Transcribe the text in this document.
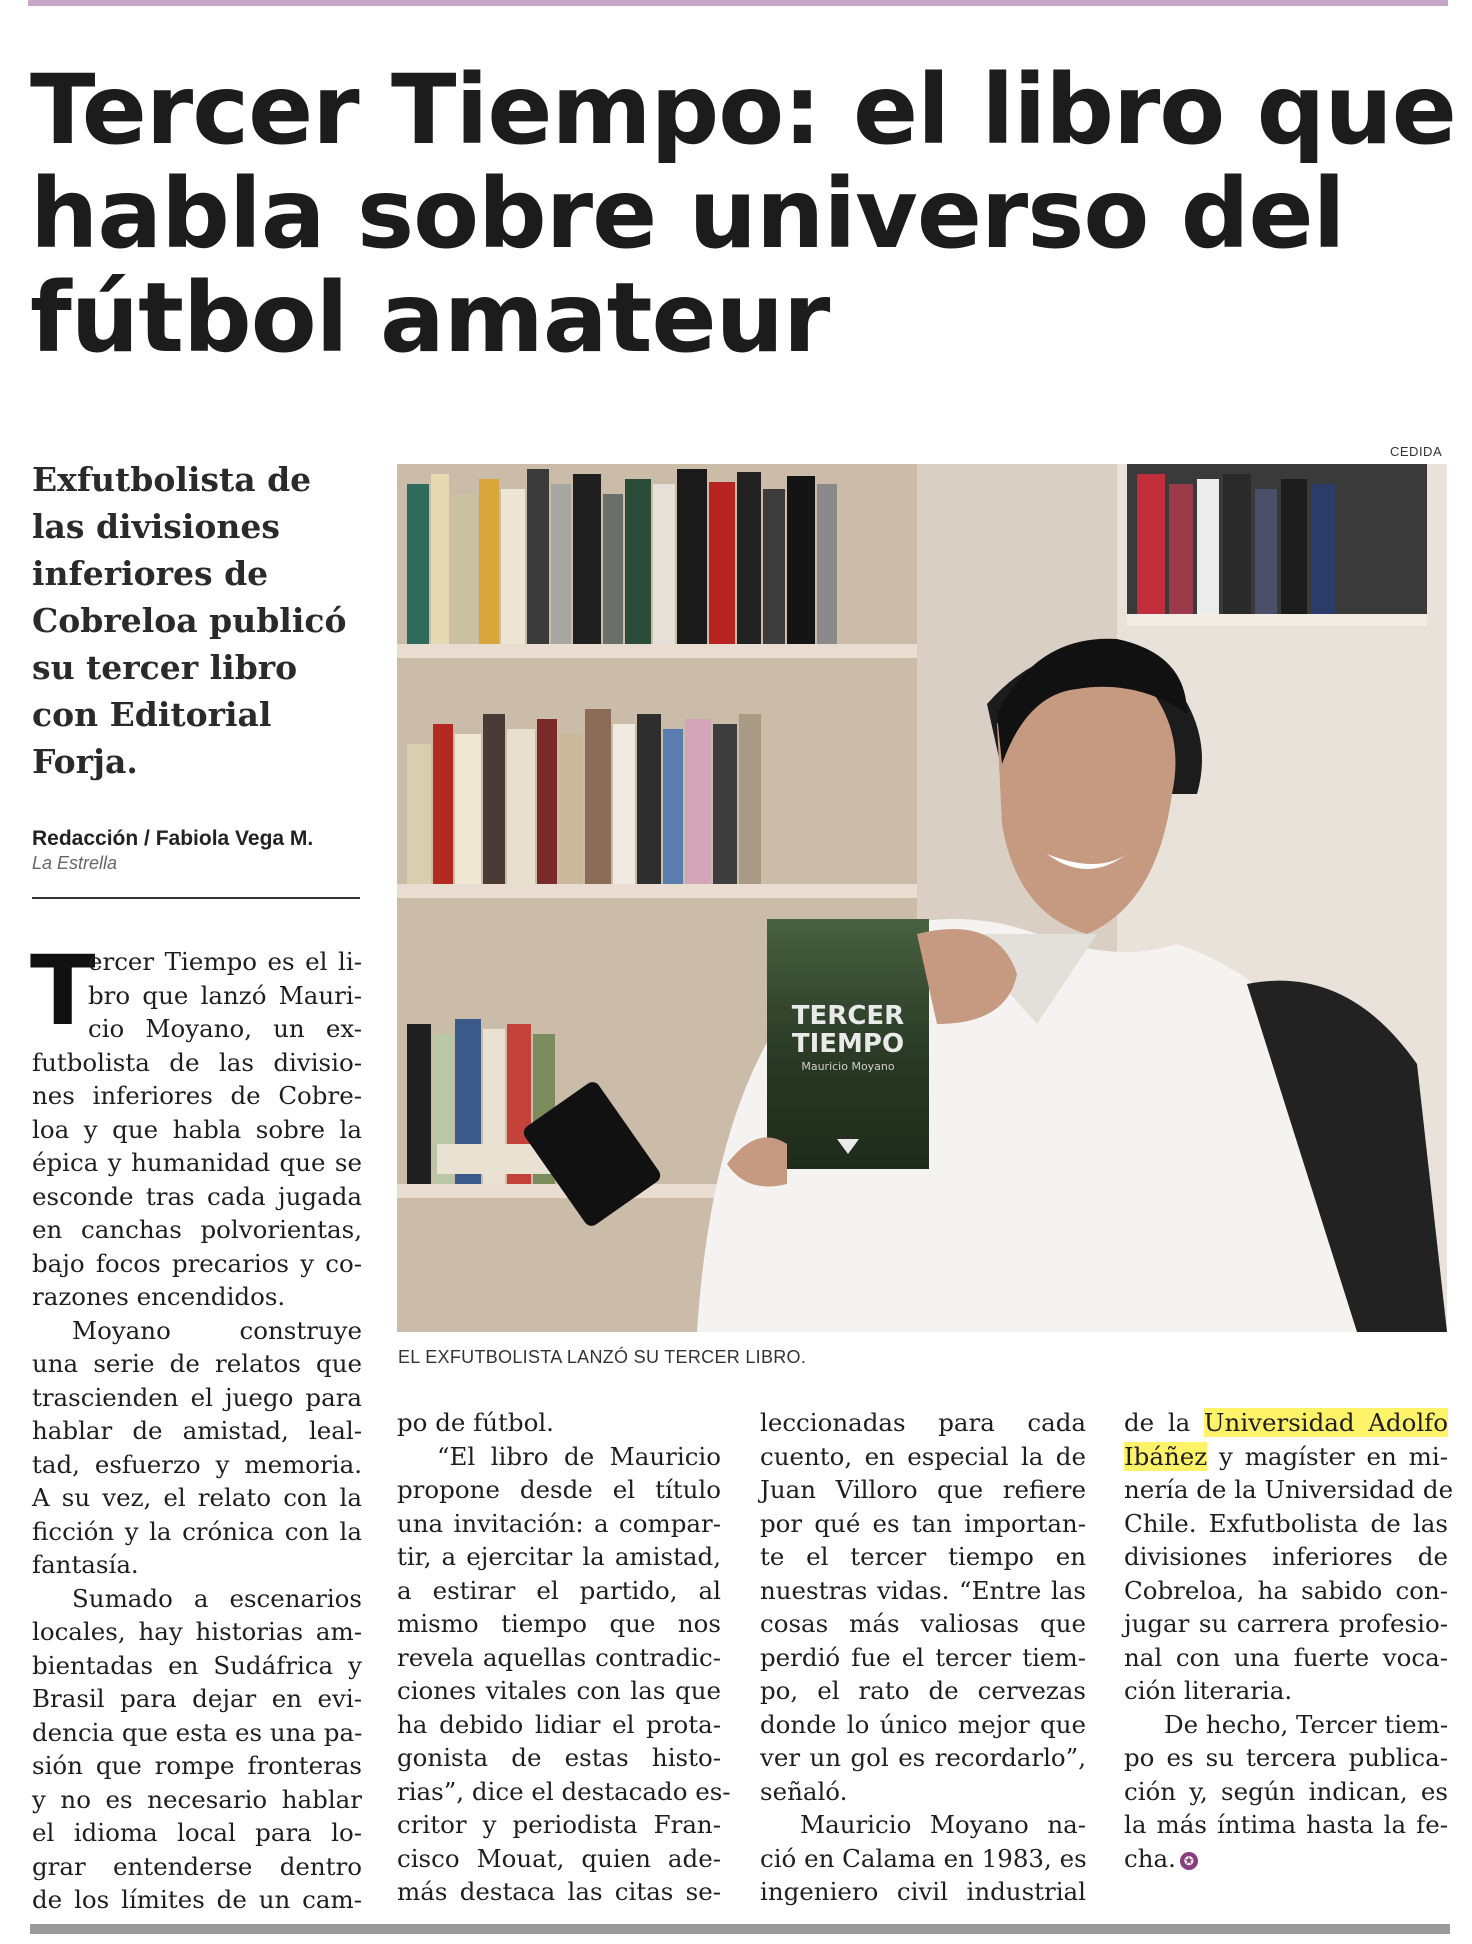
Tercer Tiempo: el libro que
habla sobre universo del
fútbol amateur
Exfutbolista de
las divisiones
inferiores de
Cobreloa publicó
su tercer libro
con Editorial
Forja.
Redacción / Fabiola Vega M.
La Estrella
CEDIDA
TERCER
TIEMPO
Mauricio Moyano
EL EXFUTBOLISTA LANZÓ SU TERCER LIBRO.
T
ercer Tiempo es el li-
bro que lanzó Mauri-
cio Moyano, un ex-
futbolista de las divisio-
nes inferiores de Cobre-
loa y que habla sobre la
épica y humanidad que se
esconde tras cada jugada
en canchas polvorientas,
bajo focos precarios y co-
razones encendidos.
Moyano construye
una serie de relatos que
trascienden el juego para
hablar de amistad, leal-
tad, esfuerzo y memoria.
A su vez, el relato con la
ficción y la crónica con la
fantasía.
Sumado a escenarios
locales, hay historias am-
bientadas en Sudáfrica y
Brasil para dejar en evi-
dencia que esta es una pa-
sión que rompe fronteras
y no es necesario hablar
el idioma local para lo-
grar entenderse dentro
de los límites de un cam-
po de fútbol.
“El libro de Mauricio
propone desde el título
una invitación: a compar-
tir, a ejercitar la amistad,
a estirar el partido, al
mismo tiempo que nos
revela aquellas contradic-
ciones vitales con las que
ha debido lidiar el prota-
gonista de estas histo-
rias”, dice el destacado es-
critor y periodista Fran-
cisco Mouat, quien ade-
más destaca las citas se-
leccionadas para cada
cuento, en especial la de
Juan Villoro que refiere
por qué es tan importan-
te el tercer tiempo en
nuestras vidas. “Entre las
cosas más valiosas que
perdió fue el tercer tiem-
po, el rato de cervezas
donde lo único mejor que
ver un gol es recordarlo”,
señaló.
Mauricio Moyano na-
ció en Calama en 1983, es
ingeniero civil industrial
de la Universidad Adolfo
Ibáñez y magíster en mi-
nería de la Universidad de
Chile. Exfutbolista de las
divisiones inferiores de
Cobreloa, ha sabido con-
jugar su carrera profesio-
nal con una fuerte voca-
ción literaria.
De hecho, Tercer tiem-
po es su tercera publica-
ción y, según indican, es
la más íntima hasta la fe-
cha. ✪
